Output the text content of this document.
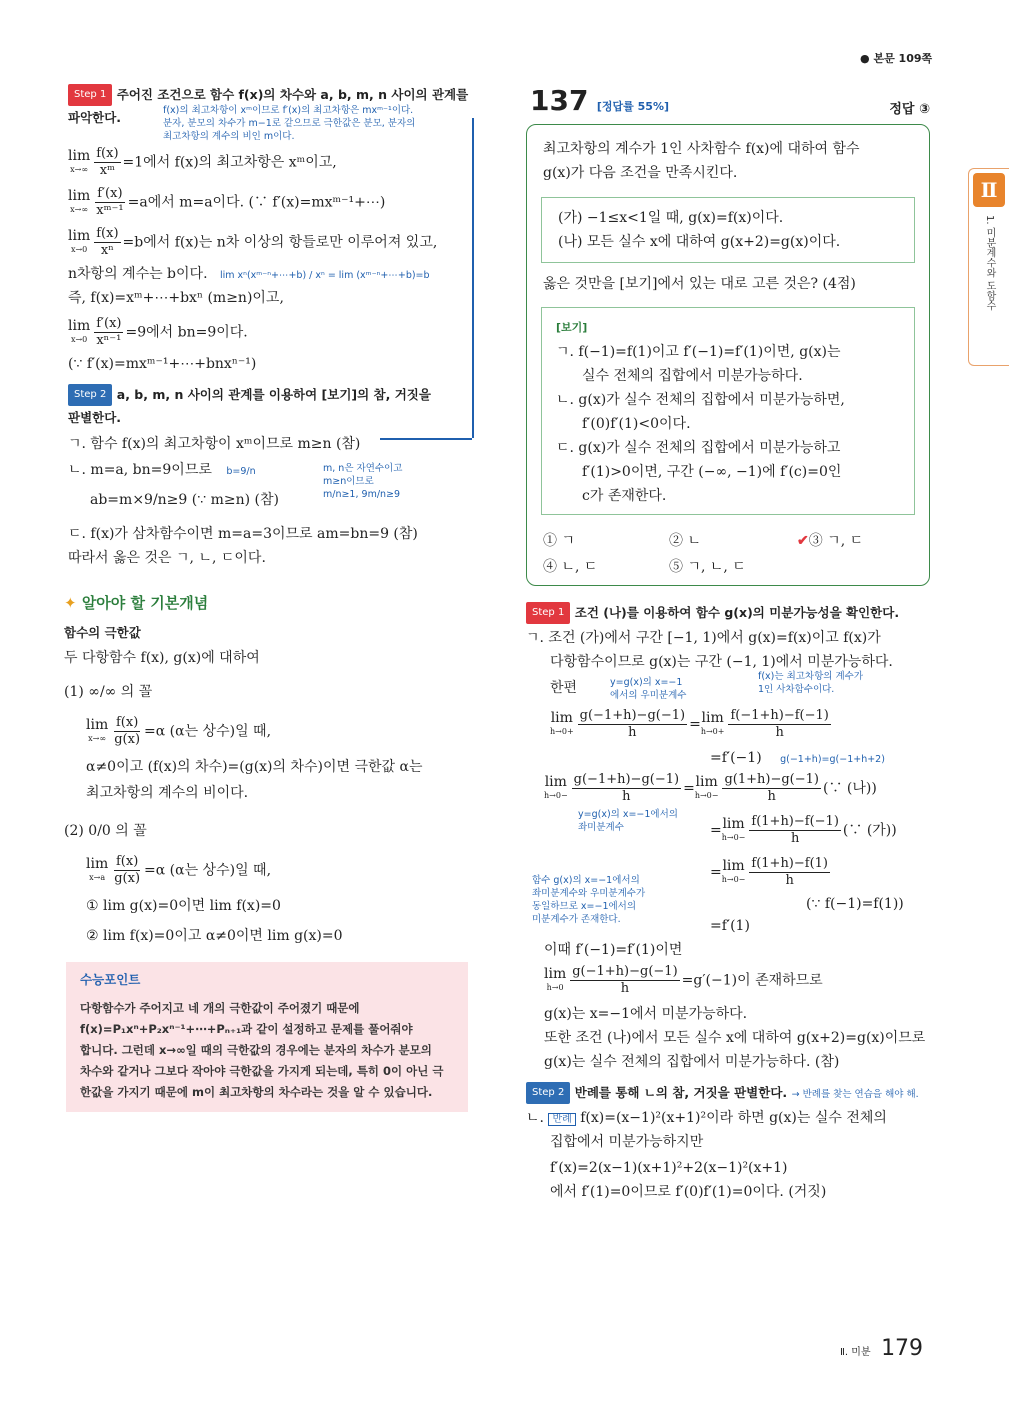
● 본문 109쪽
Ⅱ
1. 미분계수와 도함수
Step 1 주어진 조건으로 함수 f(x)의 차수와 a, b, m, n 사이의 관계를
파악한다.	f(x)의 최고차항이 xᵐ이므로 f′(x)의 최고차항은 mxᵐ⁻¹이다.
분자, 분모의 차수가 m−1로 같으므로 극한값은 분모, 분자의
최고차항의 계수의 비인 m이다.
lim
$x\to\infty \frac{f(x)}{\text{xᵐ}} =1$에서 f(x)의 최고차항은 xᵐ이고,
lim
$x\to\infty \frac{f'(x)}{\text{xᵐ⁻¹}} =a$에서 m=a이다. (∵ f′(x)=mxᵐ⁻¹+⋯)
lim
$x\to 0 \frac{f(x)}{\text{xⁿ}} =b$에서 f(x)는 n차 이상의 항들로만 이루어져 있고,
n차항의 계수는 b이다. lim xⁿ(xᵐ⁻ⁿ+⋯+b) / xⁿ = lim (xᵐ⁻ⁿ+⋯+b)=b
즉, f(x)=xᵐ+⋯+bxⁿ (m≥n)이고,
lim
$x\to 0 \frac{f'(x)}{\text{xⁿ⁻¹}} =9$에서 bn=9이다.
(∵ f′(x)=mxᵐ⁻¹+⋯+bnxⁿ⁻¹)
Step 2 a, b, m, n 사이의 관계를 이용하여 [보기]의 참, 거짓을
판별한다.
ㄱ. 함수 f(x)의 최고차항이 xᵐ이므로 m≥n (참)
ㄴ. m=a, bn=9이므로 b=9/n	m, n은 자연수이고
m≥n이므로
m/n≥1, 9m/n≥9
ab=m×9/n≥9 (∵ m≥n) (참)
ㄷ. f(x)가 삼차함수이면 m=a=3이므로 am=bn=9 (참)
따라서 옳은 것은 ㄱ, ㄴ, ㄷ이다.
✦ 알아야 할 기본개념
함수의 극한값
두 다항함수 f(x), g(x)에 대하여
(1) ∞/∞ 의 꼴
lim
$x\to\infty \frac{f(x)}{g(x)} =\alpha$ (α는 상수)일 때,
α≠0이고 (f(x)의 차수)=(g(x)의 차수)이면 극한값 α는
최고차항의 계수의 비이다.
(2) 0/0 의 꼴
lim
$x\to a \frac{f(x)}{g(x)} =\alpha$ (α는 상수)일 때,
① lim g(x)=0이면 lim f(x)=0
② lim f(x)=0이고 α≠0이면 lim g(x)=0
수능포인트
다항함수가 주어지고 네 개의 극한값이 주어졌기 때문에
f(x)=P₁xⁿ+P₂xⁿ⁻¹+⋯+Pₙ₊₁과 같이 설정하고 문제를 풀어줘야
합니다. 그런데 x→∞일 때의 극한값의 경우에는 분자의 차수가 분모의
차수와 같거나 그보다 작아야 극한값을 가지게 되는데, 특히 0이 아닌 극
한값을 가지기 때문에 m이 최고차항의 차수라는 것을 알 수 있습니다.
137 [정답률 55%]	정답 ③
최고차항의 계수가 1인 사차함수 f(x)에 대하여 함수
g(x)가 다음 조건을 만족시킨다.
(가) −1≤x<1일 때, g(x)=f(x)이다.
(나) 모든 실수 x에 대하여 g(x+2)=g(x)이다.
옳은 것만을 [보기]에서 있는 대로 고른 것은? (4점)
[보기]
ㄱ. f(−1)=f(1)이고 f′(−1)=f′(1)이면, g(x)는
실수 전체의 집합에서 미분가능하다.
ㄴ. g(x)가 실수 전체의 집합에서 미분가능하면,
f′(0)f′(1)<0이다.
ㄷ. g(x)가 실수 전체의 집합에서 미분가능하고
f′(1)>0이면, 구간 (−∞, −1)에 f′(c)=0인
c가 존재한다.
① ㄱ	② ㄴ	✔③ ㄱ, ㄷ
④ ㄴ, ㄷ	⑤ ㄱ, ㄴ, ㄷ
Step 1 조건 (나)를 이용하여 함수 g(x)의 미분가능성을 확인한다.
ㄱ. 조건 (가)에서 구간 [−1, 1)에서 g(x)=f(x)이고 f(x)가
다항함수이므로 g(x)는 구간 (−1, 1)에서 미분가능하다.
f(x)는 최고차항의 계수가
1인 사차함수이다.
한편	y=g(x)의 x=−1
에서의 우미분계수
lim
$h\to 0+ \frac{g(-1+h)-g(-1)}{h} = \lim$
$h\to 0+ \frac{f(-1+h)-f(-1)}{h}$
=f′(−1) g(−1+h)=g(−1+h+2)
lim
$h\to 0- \frac{g(-1+h)-g(-1)}{h} = \lim$
$h\to 0- \frac{g(1+h)-g(-1)}{h}$ (∵ (나))
y=g(x)의 x=−1에서의
좌미분계수	= lim
$h\to 0- \frac{f(1+h)-f(-1)}{h}$ (∵ (가))
= lim
$h\to 0- \frac{f(1+h)-f(1)}{h}$
(∵ f(−1)=f(1))
함수 g(x)의 x=−1에서의
좌미분계수와 우미분계수가
동일하므로 x=−1에서의
미분계수가 존재한다.	=f′(1)
이때 f′(−1)=f′(1)이면
lim
$h\to 0 \frac{g(-1+h)-g(-1)}{h} =g'(-1)$이 존재하므로
g(x)는 x=−1에서 미분가능하다.
또한 조건 (나)에서 모든 실수 x에 대하여 g(x+2)=g(x)이므로
g(x)는 실수 전체의 집합에서 미분가능하다. (참)
Step 2 반례를 통해 ㄴ의 참, 거짓을 판별한다. → 반례를 찾는 연습을 해야 해.
ㄴ. 반례 f(x)=(x−1)²(x+1)²이라 하면 g(x)는 실수 전체의
집합에서 미분가능하지만
f′(x)=2(x−1)(x+1)²+2(x−1)²(x+1)
에서 f′(1)=0이므로 f′(0)f′(1)=0이다. (거짓)
Ⅱ. 미분 179
